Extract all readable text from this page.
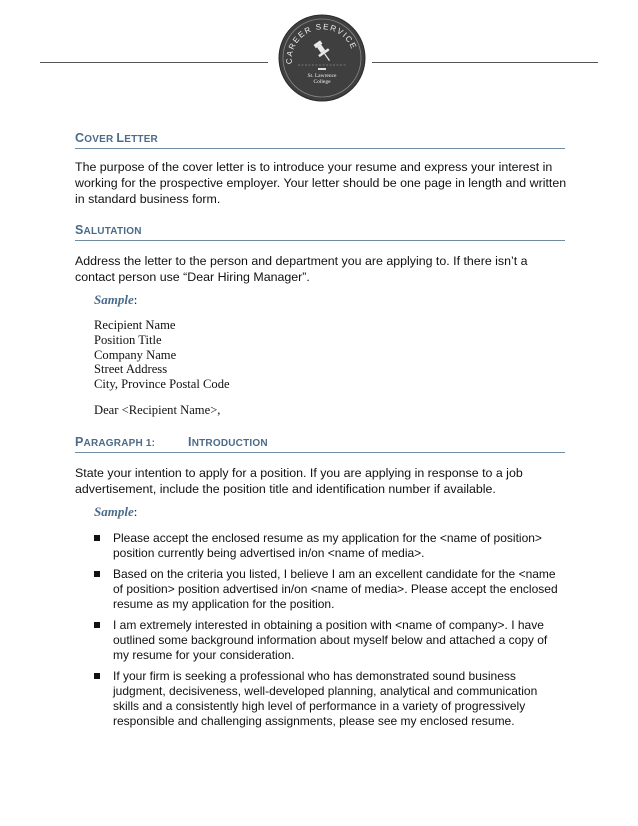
CAREER SERVICE
St. Lawrence
College
COVER LETTER
The purpose of the cover letter is to introduce your resume and express your interest in working for the prospective employer. Your letter should be one page in length and written in standard business form.
SALUTATION
Address the letter to the person and department you are applying to. If there isn’t a contact person use “Dear Hiring Manager”.
Sample:
Recipient Name
Position Title
Company Name
Street Address
City, Province Postal Code
Dear <Recipient Name>,
PARAGRAPH 1:	INTRODUCTION
State your intention to apply for a position. If you are applying in response to a job advertisement, include the position title and identification number if available.
Sample:
Please accept the enclosed resume as my application for the <name of position> position currently being advertised in/on <name of media>.
Based on the criteria you listed, I believe I am an excellent candidate for the <name of position> position advertised in/on <name of media>. Please accept the enclosed resume as my application for the position.
I am extremely interested in obtaining a position with <name of company>. I have outlined some background information about myself below and attached a copy of my resume for your consideration.
If your firm is seeking a professional who has demonstrated sound business judgment, decisiveness, well-developed planning, analytical and communication skills and a consistently high level of performance in a variety of progressively responsible and challenging assignments, please see my enclosed resume.
